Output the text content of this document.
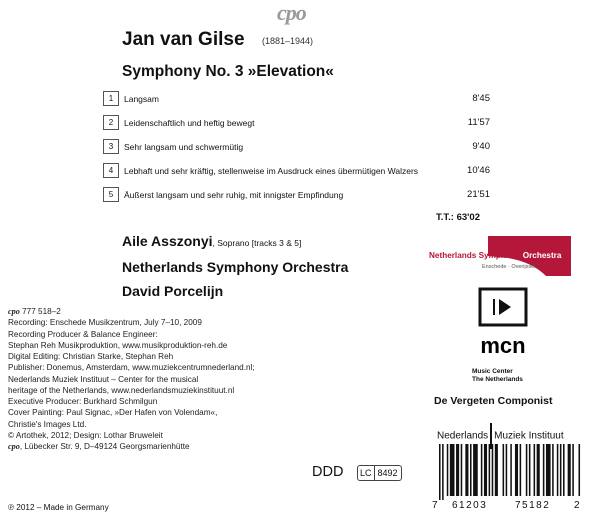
cpo
Jan van Gilse (1881–1944)
Symphony No. 3 »Elevation«
1	Langsam	8'45
2	Leidenschaftlich und heftig bewegt	11'57
3	Sehr langsam und schwermütig	9'40
4	Lebhaft und sehr kräftig, stellenweise im Ausdruck eines übermütigen Walzers	10'46
5	Äußerst langsam und sehr ruhig, mit innigster Empfindung	21'51
T.T.: 63'02
Aile Asszonyi, Soprano [tracks 3 & 5]
Netherlands Symphony Orchestra
David Porcelijn
cpo 777 518–2
Recording: Enschede Musikzentrum, July 7–10, 2009
Recording Producer & Balance Engineer:
Stephan Reh Musikproduktion, www.musikproduktion-reh.de
Digital Editing: Christian Starke, Stephan Reh
Publisher: Donemus, Amsterdam, www.muziekcentrumnederland.nl;
Nederlands Muziek Instituut – Center for the musical
heritage of the Netherlands, www.nederlandsmuziekinstituut.nl
Executive Producer: Burkhard Schmilgun
Cover Painting: Paul Signac, »Der Hafen von Volendam«,
Christie's Images Ltd.
© Artothek, 2012; Design: Lothar Bruweleit
cpo, Lübecker Str. 9, D–49124 Georgsmarienhütte
℗ 2012 – Made in Germany
DDD	LC 8492
Netherlands Symphony Orchestra
Enschede · Overijssel
mcn
Music Center
The Netherlands
De Vergeten Componist
Nederlands Muziek Instituut
7 61203	75182 2
